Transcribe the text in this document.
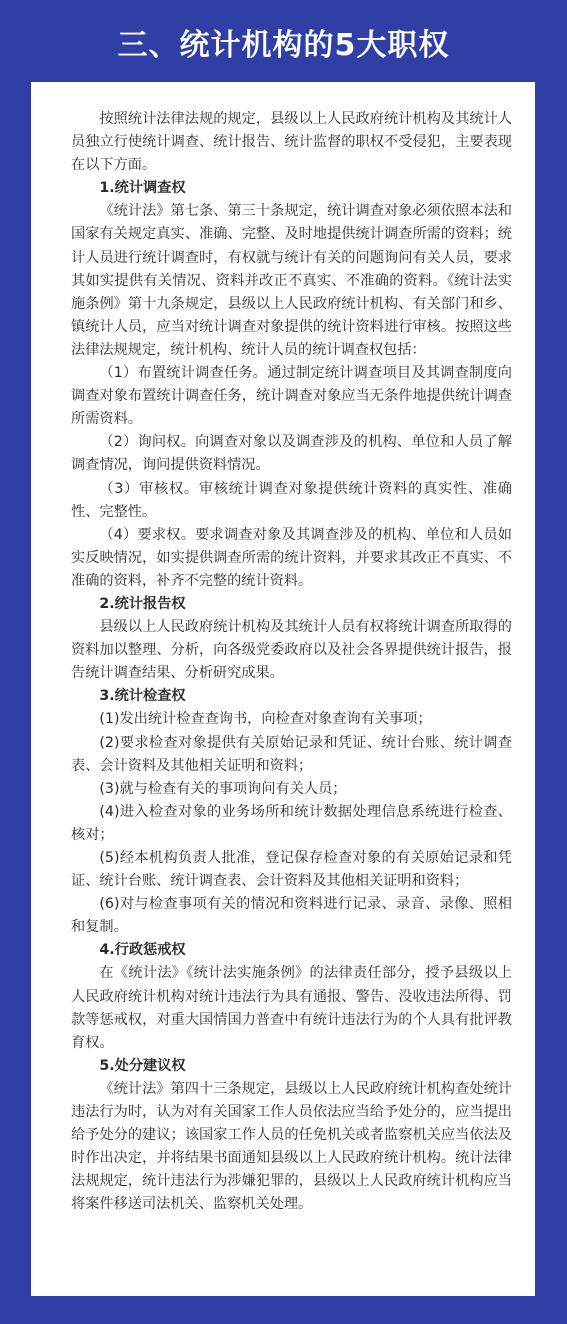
三、统计机构的5大职权

按照统计法律法规的规定，县级以上人民政府统计机构及其统计人员独立行使统计调查、统计报告、统计监督的职权不受侵犯，主要表现在以下方面。

1.统计调查权

《统计法》第七条、第三十条规定，统计调查对象必须依照本法和国家有关规定真实、准确、完整、及时地提供统计调查所需的资料；统计人员进行统计调查时，有权就与统计有关的问题询问有关人员，要求其如实提供有关情况、资料并改正不真实、不准确的资料。《统计法实施条例》第十九条规定，县级以上人民政府统计机构、有关部门和乡、镇统计人员，应当对统计调查对象提供的统计资料进行审核。按照这些法律法规规定，统计机构、统计人员的统计调查权包括：

（1）布置统计调查任务。通过制定统计调查项目及其调查制度向调查对象布置统计调查任务，统计调查对象应当无条件地提供统计调查所需资料。

（2）询问权。向调查对象以及调查涉及的机构、单位和人员了解调查情况，询问提供资料情况。

（3）审核权。审核统计调查对象提供统计资料的真实性、准确性、完整性。

（4）要求权。要求调查对象及其调查涉及的机构、单位和人员如实反映情况，如实提供调查所需的统计资料，并要求其改正不真实、不准确的资料，补齐不完整的统计资料。

2.统计报告权

县级以上人民政府统计机构及其统计人员有权将统计调查所取得的资料加以整理、分析，向各级党委政府以及社会各界提供统计报告，报告统计调查结果、分析研究成果。

3.统计检查权

(1)发出统计检查查询书，向检查对象查询有关事项；

(2)要求检查对象提供有关原始记录和凭证、统计台账、统计调查表、会计资料及其他相关证明和资料；

(3)就与检查有关的事项询问有关人员；

(4)进入检查对象的业务场所和统计数据处理信息系统进行检查、核对；

(5)经本机构负责人批准，登记保存检查对象的有关原始记录和凭证、统计台账、统计调查表、会计资料及其他相关证明和资料；

(6)对与检查事项有关的情况和资料进行记录、录音、录像、照相和复制。

4.行政惩戒权

在《统计法》《统计法实施条例》的法律责任部分，授予县级以上人民政府统计机构对统计违法行为具有通报、警告、没收违法所得、罚款等惩戒权，对重大国情国力普查中有统计违法行为的个人具有批评教育权。

5.处分建议权

《统计法》第四十三条规定，县级以上人民政府统计机构查处统计违法行为时，认为对有关国家工作人员依法应当给予处分的，应当提出给予处分的建议；该国家工作人员的任免机关或者监察机关应当依法及时作出决定，并将结果书面通知县级以上人民政府统计机构。统计法律法规规定，统计违法行为涉嫌犯罪的，县级以上人民政府统计机构应当将案件移送司法机关、监察机关处理。
